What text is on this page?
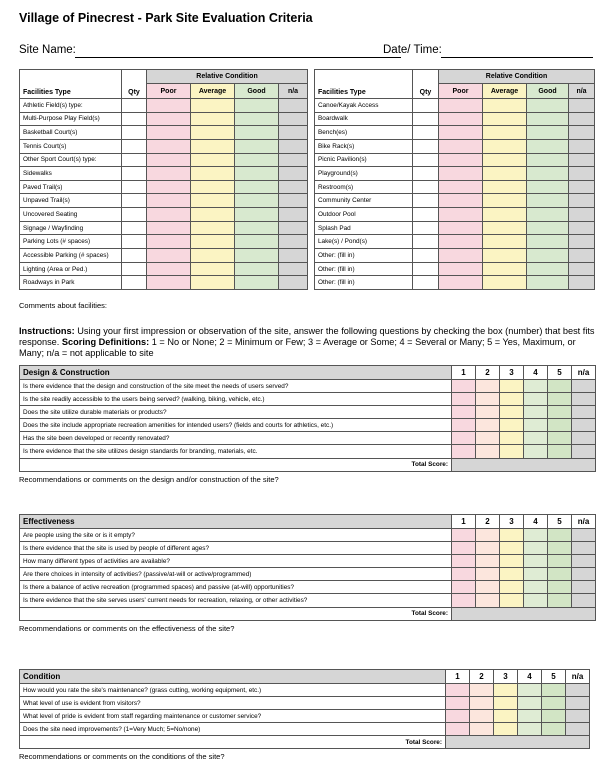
Village of Pinecrest - Park Site Evaluation Criteria
Site Name:	Date/ Time:
Facilities Type	Qty	Relative Condition			
		Poor	Average	Good	n/a
Athletic Field(s) type:					
Multi-Purpose Play Field(s)					
Basketball Court(s)					
Tennis Court(s)					
Other Sport Court(s) type:					
Sidewalks					
Paved Trail(s)					
Unpaved Trail(s)					
Uncovered Seating					
Signage / Wayfinding					
Parking Lots (# spaces)					
Accessible Parking (# spaces)					
Lighting (Area or Ped.)					
Roadways in Park					
Facilities Type	Qty	Relative Condition			
		Poor	Average	Good	n/a
Canoe/Kayak Access					
Boardwalk					
Bench(es)					
Bike Rack(s)					
Picnic Pavilion(s)					
Playground(s)					
Restroom(s)					
Community Center					
Outdoor Pool					
Splash Pad					
Lake(s) / Pond(s)					
Other: (fill in)					
Other: (fill in)					
Other: (fill in)					
Comments about facilities:
Instructions: Using your first impression or observation of the site, answer the following questions by checking the box (number) that best fits response. Scoring Definitions: 1 = No or None; 2 = Minimum or Few; 3 = Average or Some; 4 = Several or Many; 5 = Yes, Maximum, or Many; n/a = not applicable to site
Design & Construction	1	2	3	4	5	n/a
Is there evidence that the design and construction of the site meet the needs of users served?						
Is the site readily accessible to the users being served? (walking, biking, vehicle, etc.)						
Does the site utilize durable materials or products?						
Does the site include appropriate recreation amenities for intended users? (fields and courts for athletics, etc.)						
Has the site been developed or recently renovated?						
Is there evidence that the site utilizes design standards for branding, materials, etc.						
Total Score:						
Recommendations or comments on the design and/or construction of the site?
Effectiveness	1	2	3	4	5	n/a
Are people using the site or is it empty?						
Is there evidence that the site is used by people of different ages?						
How many different types of activities are available?						
Are there choices in intensity of activities? (passive/at-will or active/programmed)						
Is there a balance of active recreation (programmed spaces) and passive (at-will) opportunities?						
Is there evidence that the site serves users' current needs for recreation, relaxing, or other activities?						
Total Score:						
Recommendations or comments on the effectiveness of the site?
Condition	1	2	3	4	5	n/a
How would you rate the site's maintenance? (grass cutting, working equipment, etc.)						
What level of use is evident from visitors?						
What level of pride is evident from staff regarding maintenance or customer service?						
Does the site need improvements? (1=Very Much; 5=No/none)						
Total Score:						
Recommendations or comments on the conditions of the site?
